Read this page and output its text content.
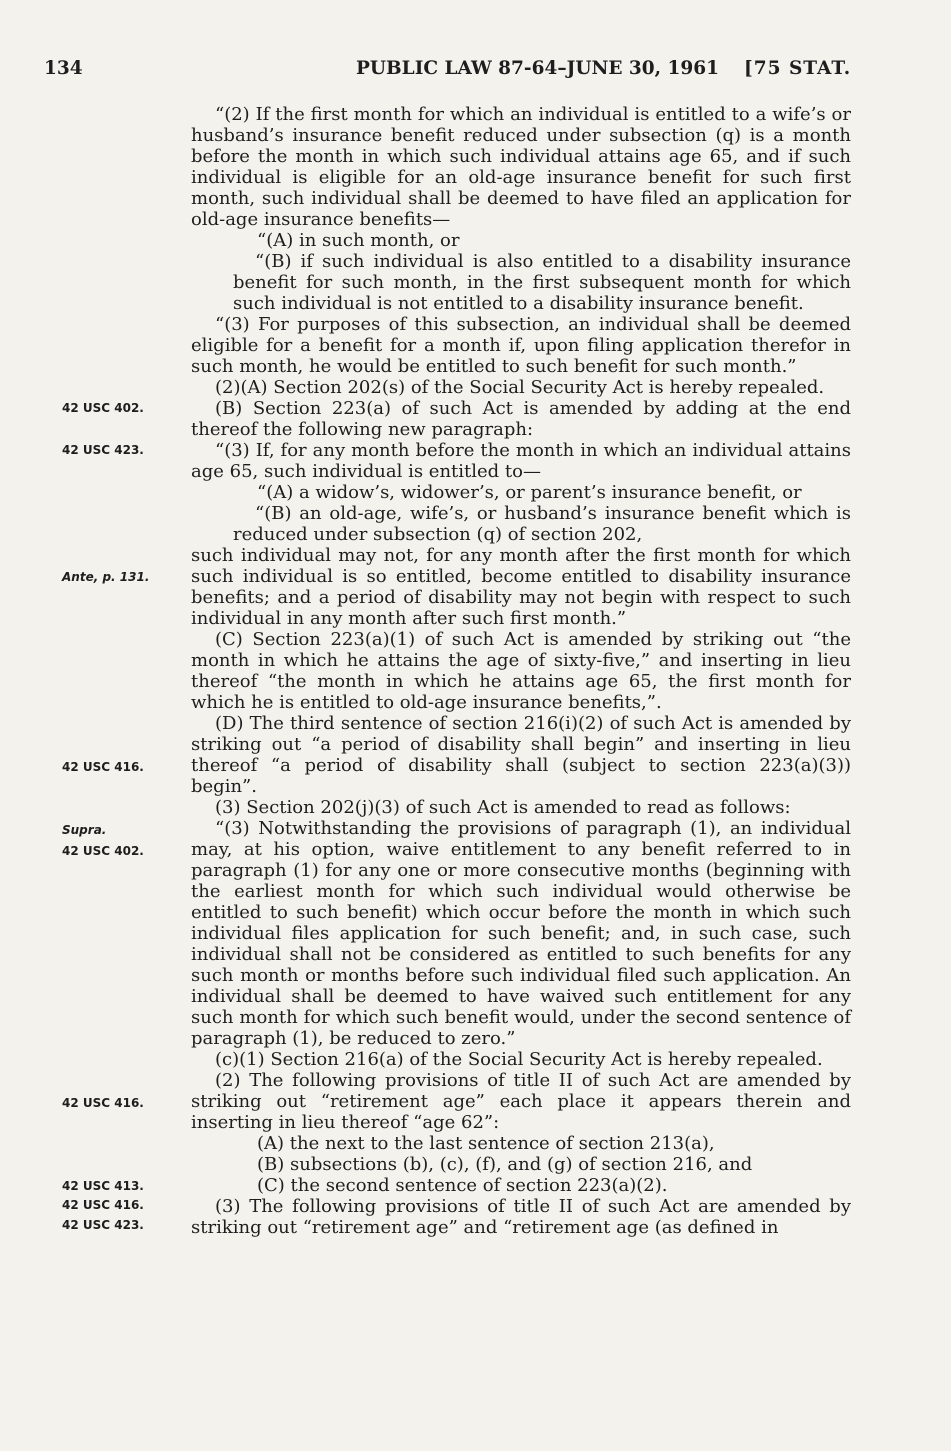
134	PUBLIC LAW 87-64–JUNE 30, 1961 [75 STAT.
42 USC 402.
42 USC 423.
Ante, p. 131.
42 USC 416.
Supra.
42 USC 402.
42 USC 416.
42 USC 413.
42 USC 416.
42 USC 423.

“(2) If the first month for which an individual is entitled to a wife’s or husband’s insurance benefit reduced under subsection (q) is a month before the month in which such individual attains age 65, and if such individual is eligible for an old-age insurance benefit for such first month, such individual shall be deemed to have filed an application for old-age insurance benefits—

“(A) in such month, or

“(B) if such individual is also entitled to a disability insurance benefit for such month, in the first subsequent month for which such individual is not entitled to a disability insurance benefit.

“(3) For purposes of this subsection, an individual shall be deemed eligible for a benefit for a month if, upon filing application therefor in such month, he would be entitled to such benefit for such month.”

(2)(A) Section 202(s) of the Social Security Act is hereby repealed.

(B) Section 223(a) of such Act is amended by adding at the end thereof the following new paragraph:

“(3) If, for any month before the month in which an individual attains age 65, such individual is entitled to—

“(A) a widow’s, widower’s, or parent’s insurance benefit, or

“(B) an old-age, wife’s, or husband’s insurance benefit which is reduced under subsection (q) of section 202,

such individual may not, for any month after the first month for which such individual is so entitled, become entitled to disability insurance benefits; and a period of disability may not begin with respect to such individual in any month after such first month.”

(C) Section 223(a)(1) of such Act is amended by striking out “the month in which he attains the age of sixty-five,” and inserting in lieu thereof “the month in which he attains age 65, the first month for which he is entitled to old-age insurance benefits,”.

(D) The third sentence of section 216(i)(2) of such Act is amended by striking out “a period of disability shall begin” and inserting in lieu thereof “a period of disability shall (subject to section 223(a)(3)) begin”.

(3) Section 202(j)(3) of such Act is amended to read as follows:

“(3) Notwithstanding the provisions of paragraph (1), an individual may, at his option, waive entitlement to any benefit referred to in paragraph (1) for any one or more consecutive months (beginning with the earliest month for which such individual would otherwise be entitled to such benefit) which occur before the month in which such individual files application for such benefit; and, in such case, such individual shall not be considered as entitled to such benefits for any such month or months before such individual filed such application. An individual shall be deemed to have waived such entitlement for any such month for which such benefit would, under the second sentence of paragraph (1), be reduced to zero.”

(c)(1) Section 216(a) of the Social Security Act is hereby repealed.

(2) The following provisions of title II of such Act are amended by striking out “retirement age” each place it appears therein and inserting in lieu thereof “age 62”:

(A) the next to the last sentence of section 213(a),

(B) subsections (b), (c), (f), and (g) of section 216, and

(C) the second sentence of section 223(a)(2).

(3) The following provisions of title II of such Act are amended by striking out “retirement age” and “retirement age (as defined in
